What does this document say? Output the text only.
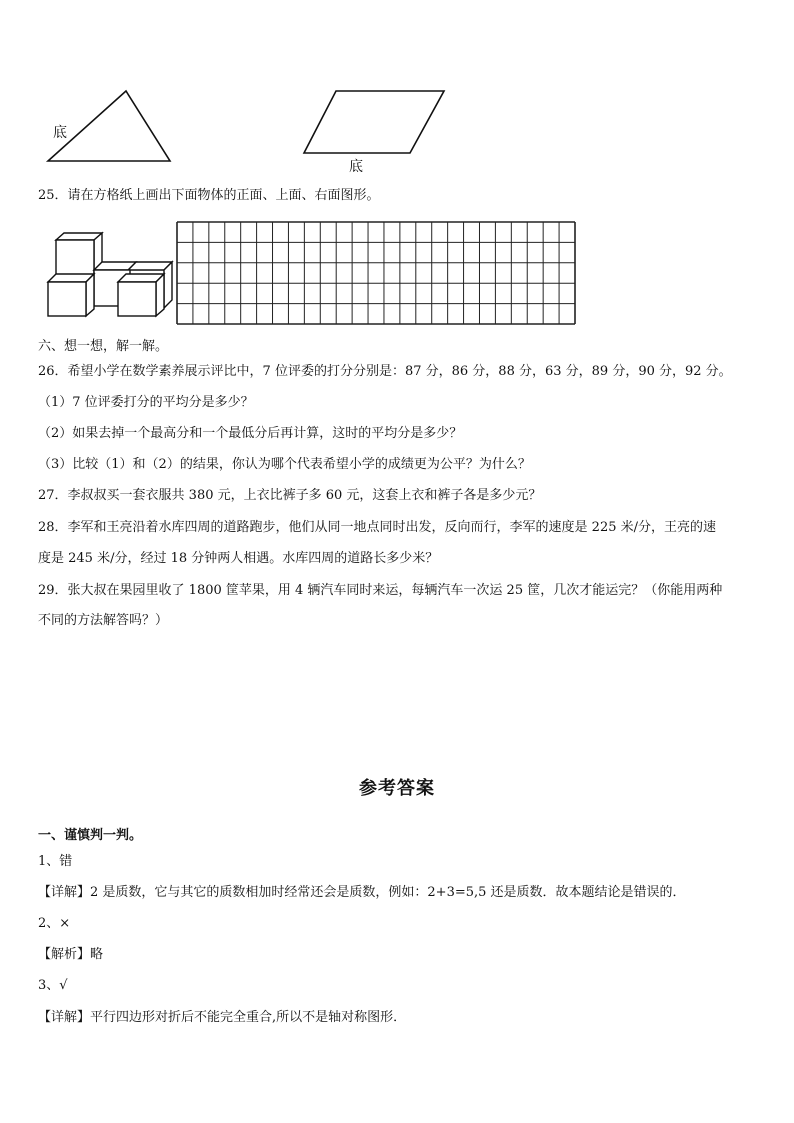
底
底
25．请在方格纸上画出下面物体的正面、上面、右面图形。
六、想一想，解一解。
26．希望小学在数学素养展示评比中，7 位评委的打分分别是：87 分，86 分，88 分，63 分，89 分，90 分，92 分。
（1）7 位评委打分的平均分是多少？
（2）如果去掉一个最高分和一个最低分后再计算，这时的平均分是多少？
（3）比较（1）和（2）的结果，你认为哪个代表希望小学的成绩更为公平？为什么？
27．李叔叔买一套衣服共 380 元，上衣比裤子多 60 元，这套上衣和裤子各是多少元？
28．李军和王亮沿着水库四周的道路跑步，他们从同一地点同时出发，反向而行，李军的速度是 225 米/分，王亮的速
度是 245 米/分，经过 18 分钟两人相遇。水库四周的道路长多少米？
29．张大叔在果园里收了 1800 筐苹果，用 4 辆汽车同时来运，每辆汽车一次运 25 筐，几次才能运完？（你能用两种
不同的方法解答吗？）
参考答案
一、谨慎判一判。
1、错
【详解】2 是质数，它与其它的质数相加时经常还会是质数，例如：2+3=5,5 还是质数．故本题结论是错误的．
2、×
【解析】略
3、√
【详解】平行四边形对折后不能完全重合,所以不是轴对称图形．
